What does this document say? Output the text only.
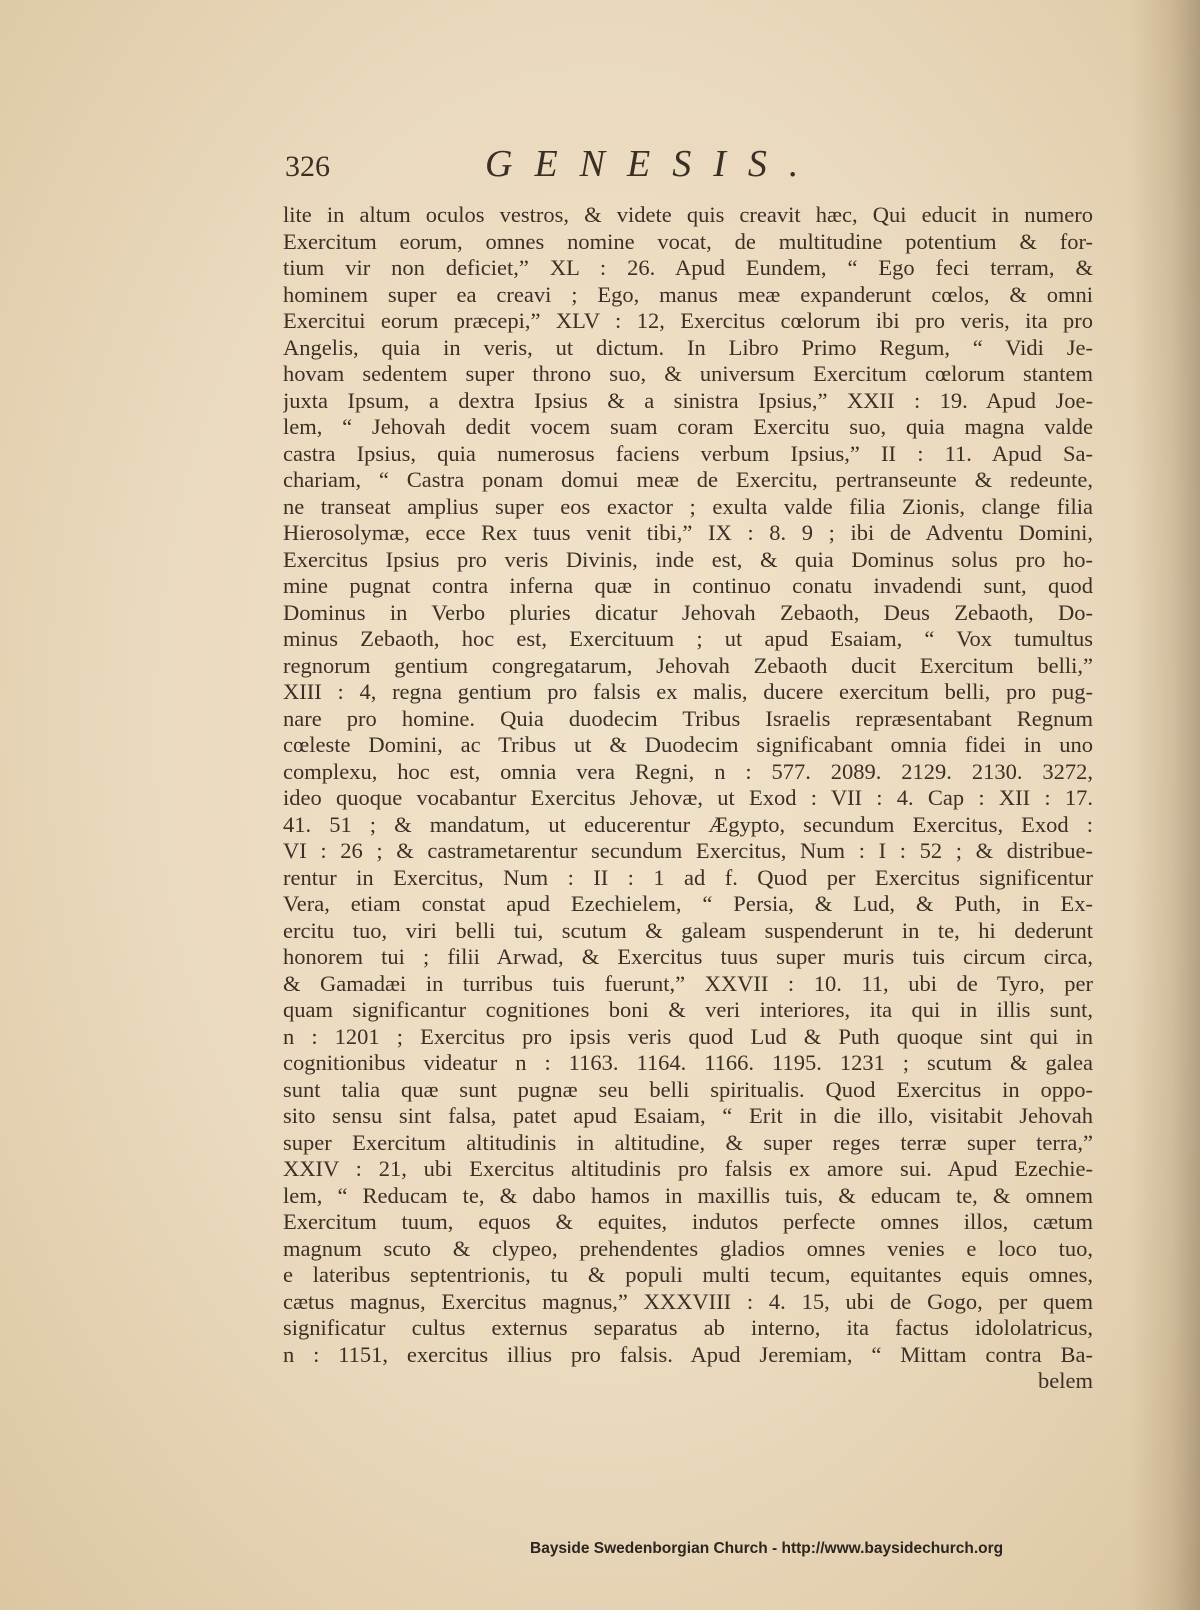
326	GENESIS.
lite in altum oculos vestros, & videte quis creavit hæc, Qui educit in numero
Exercitum eorum, omnes nomine vocat, de multitudine potentium & for-
tium vir non deficiet,” XL : 26. Apud Eundem, “ Ego feci terram, &
hominem super ea creavi ; Ego, manus meæ expanderunt cœlos, & omni
Exercitui eorum præcepi,” XLV : 12, Exercitus cœlorum ibi pro veris, ita pro
Angelis, quia in veris, ut dictum. In Libro Primo Regum, “ Vidi Je-
hovam sedentem super throno suo, & universum Exercitum cœlorum stantem
juxta Ipsum, a dextra Ipsius & a sinistra Ipsius,” XXII : 19. Apud Joe-
lem, “ Jehovah dedit vocem suam coram Exercitu suo, quia magna valde
castra Ipsius, quia numerosus faciens verbum Ipsius,” II : 11. Apud Sa-
chariam, “ Castra ponam domui meæ de Exercitu, pertranseunte & redeunte,
ne transeat amplius super eos exactor ; exulta valde filia Zionis, clange filia
Hierosolymæ, ecce Rex tuus venit tibi,” IX : 8. 9 ; ibi de Adventu Domini,
Exercitus Ipsius pro veris Divinis, inde est, & quia Dominus solus pro ho-
mine pugnat contra inferna quæ in continuo conatu invadendi sunt, quod
Dominus in Verbo pluries dicatur Jehovah Zebaoth, Deus Zebaoth, Do-
minus Zebaoth, hoc est, Exercituum ; ut apud Esaiam, “ Vox tumultus
regnorum gentium congregatarum, Jehovah Zebaoth ducit Exercitum belli,”
XIII : 4, regna gentium pro falsis ex malis, ducere exercitum belli, pro pug-
nare pro homine. Quia duodecim Tribus Israelis repræsentabant Regnum
cœleste Domini, ac Tribus ut & Duodecim significabant omnia fidei in uno
complexu, hoc est, omnia vera Regni, n : 577. 2089. 2129. 2130. 3272,
ideo quoque vocabantur Exercitus Jehovæ, ut Exod : VII : 4. Cap : XII : 17.
41. 51 ; & mandatum, ut educerentur Ægypto, secundum Exercitus, Exod :
VI : 26 ; & castrametarentur secundum Exercitus, Num : I : 52 ; & distribue-
rentur in Exercitus, Num : II : 1 ad f. Quod per Exercitus significentur
Vera, etiam constat apud Ezechielem, “ Persia, & Lud, & Puth, in Ex-
ercitu tuo, viri belli tui, scutum & galeam suspenderunt in te, hi dederunt
honorem tui ; filii Arwad, & Exercitus tuus super muris tuis circum circa,
& Gamadæi in turribus tuis fuerunt,” XXVII : 10. 11, ubi de Tyro, per
quam significantur cognitiones boni & veri interiores, ita qui in illis sunt,
n : 1201 ; Exercitus pro ipsis veris quod Lud & Puth quoque sint qui in
cognitionibus videatur n : 1163. 1164. 1166. 1195. 1231 ; scutum & galea
sunt talia quæ sunt pugnæ seu belli spiritualis. Quod Exercitus in oppo-
sito sensu sint falsa, patet apud Esaiam, “ Erit in die illo, visitabit Jehovah
super Exercitum altitudinis in altitudine, & super reges terræ super terra,”
XXIV : 21, ubi Exercitus altitudinis pro falsis ex amore sui. Apud Ezechie-
lem, “ Reducam te, & dabo hamos in maxillis tuis, & educam te, & omnem
Exercitum tuum, equos & equites, indutos perfecte omnes illos, cætum
magnum scuto & clypeo, prehendentes gladios omnes venies e loco tuo,
e lateribus septentrionis, tu & populi multi tecum, equitantes equis omnes,
cætus magnus, Exercitus magnus,” XXXVIII : 4. 15, ubi de Gogo, per quem
significatur cultus externus separatus ab interno, ita factus idololatricus,
n : 1151, exercitus illius pro falsis. Apud Jeremiam, “ Mittam contra Ba-
belem
Bayside Swedenborgian Church - http://www.baysidechurch.org
